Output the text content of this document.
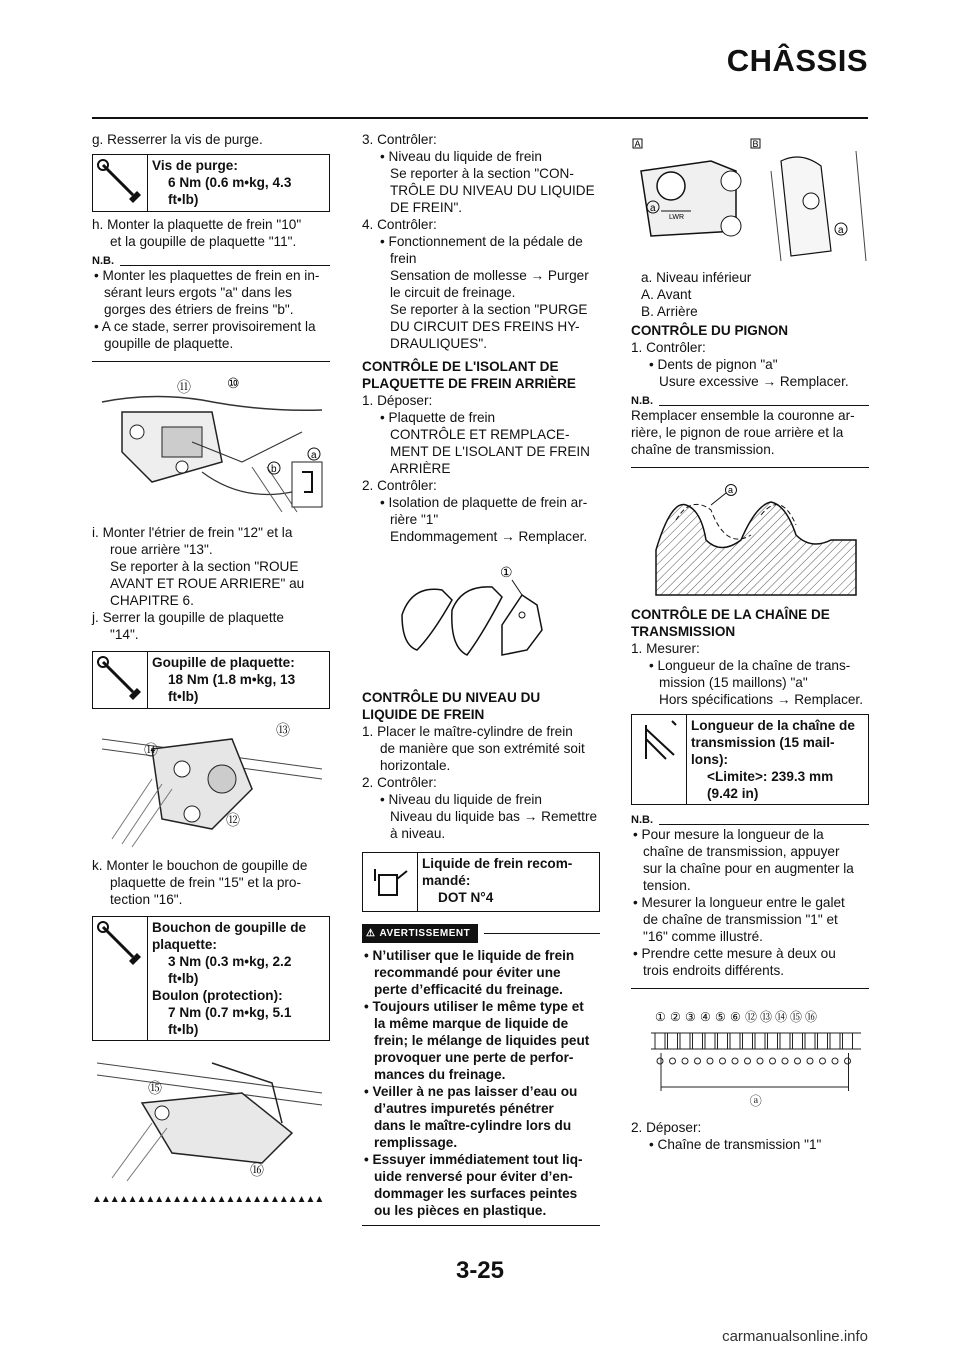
CHÂSSIS

g. Resserrer la vis de purge.

Vis de purge:
6 Nm (0.6 m•kg, 4.3
ft•lb)

h. Monter la plaquette de frein "10"

et la goupille de plaquette "11".

N.B.

• Monter les plaquettes de frein en in-

sérant leurs ergots "a" dans les

gorges des étriers de freins "b".

• A ce stade, serrer provisoirement la

goupille de plaquette.

⑪	⑩
a
b

i. Monter l'étrier de frein "12" et la

roue arrière "13".

Se reporter à la section "ROUE

AVANT ET ROUE ARRIERE" au

CHAPITRE 6.

j. Serrer la goupille de plaquette

"14".

Goupille de plaquette:
18 Nm (1.8 m•kg, 13
ft•lb)
⑬
⑭
⑫

k. Monter le bouchon de goupille de

plaquette de frein "15" et la pro-

tection "16".

Bouchon de goupille de
plaquette:
3 Nm (0.3 m•kg, 2.2
ft•lb)
Boulon (protection):
7 Nm (0.7 m•kg, 5.1
ft•lb)
⑮
⑯
▲▲▲▲▲▲▲▲▲▲▲▲▲▲▲▲▲▲▲▲▲▲▲▲▲▲

3. Contrôler:

• Niveau du liquide de frein

Se reporter à la section "CON-

TRÔLE DU NIVEAU DU LIQUIDE

DE FREIN".

4. Contrôler:

• Fonctionnement de la pédale de

frein

Sensation de mollesse → Purger

le circuit de freinage.

Se reporter à la section "PURGE

DU CIRCUIT DES FREINS HY-

DRAULIQUES".

CONTRÔLE DE L'ISOLANT DE

PLAQUETTE DE FREIN ARRIÈRE

1. Déposer:

• Plaquette de frein

CONTRÔLE ET REMPLACE-

MENT DE L'ISOLANT DE FREIN

ARRIÈRE

2. Contrôler:

• Isolation de plaquette de frein ar-

rière "1"

Endommagement → Remplacer.

①

CONTRÔLE DU NIVEAU DU

LIQUIDE DE FREIN

1. Placer le maître-cylindre de frein

de manière que son extrémité soit

horizontale.

2. Contrôler:

• Niveau du liquide de frein

Niveau du liquide bas → Remettre

à niveau.

Liquide de frein recom-
mandé:
DOT N°4
⚠ AVERTISSEMENT

• N’utiliser que le liquide de frein

recommandé pour éviter une

perte d’efficacité du freinage.

• Toujours utiliser le même type et

la même marque de liquide de

frein; le mélange de liquides peut

provoquer une perte de perfor-

mances du freinage.

• Veiller à ne pas laisser d’eau ou

d’autres impuretés pénétrer

dans le maître-cylindre lors du

remplissage.

• Essuyer immédiatement tout liq-

uide renversé pour éviter d’en-

dommager les surfaces peintes

ou les pièces en plastique.

A	B
LWR
a
a

a. Niveau inférieur

A. Avant

B. Arrière

CONTRÔLE DU PIGNON

1. Contrôler:

• Dents de pignon "a"

Usure excessive → Remplacer.

N.B.

Remplacer ensemble la couronne ar-

rière, le pignon de roue arrière et la

chaîne de transmission.

a

CONTRÔLE DE LA CHAÎNE DE

TRANSMISSION

1. Mesurer:

• Longueur de la chaîne de trans-

mission (15 maillons) "a"

Hors spécifications → Remplacer.

Longueur de la chaîne de
transmission (15 mail-
lons):
<Limite>: 239.3 mm
(9.42 in)
N.B.

• Pour mesure la longueur de la

chaîne de transmission, appuyer

sur la chaîne pour en augmenter la

tension.

• Mesurer la longueur entre le galet

de chaîne de transmission "1" et

"16" comme illustré.

• Prendre cette mesure à deux ou

trois endroits différents.

① ② ③ ④ ⑤ ⑥ ⑫ ⑬ ⑭ ⑮ ⑯
ⓐ

2. Déposer:

• Chaîne de transmission "1"

3-25
carmanualsonline.info
